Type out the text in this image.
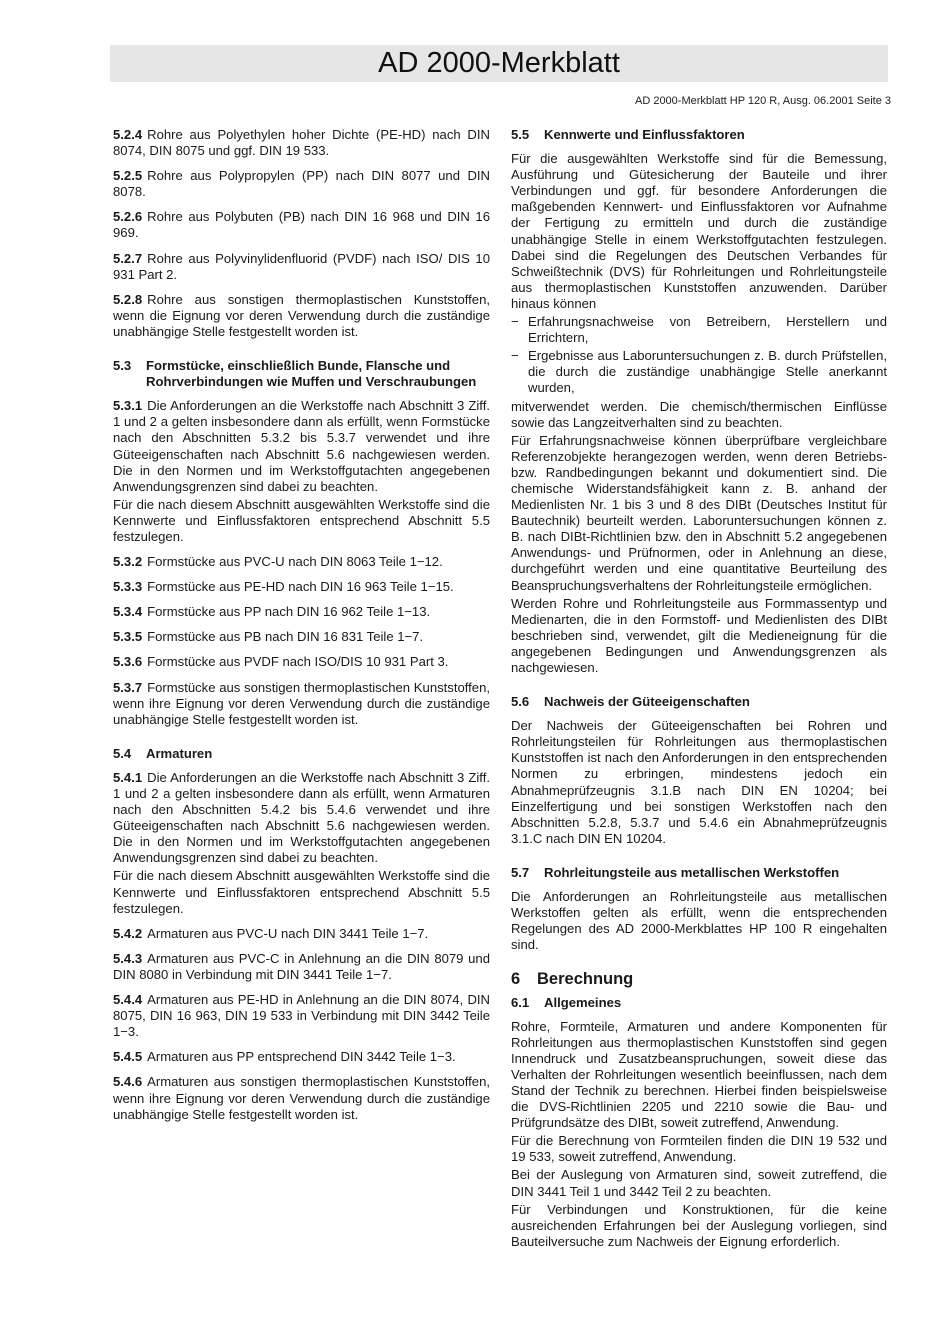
AD 2000-Merkblatt
AD 2000-Merkblatt HP 120 R, Ausg. 06.2001 Seite 3

5.2.4 Rohre aus Polyethylen hoher Dichte (PE-HD) nach DIN 8074, DIN 8075 und ggf. DIN 19 533.

5.2.5 Rohre aus Polypropylen (PP) nach DIN 8077 und DIN 8078.

5.2.6 Rohre aus Polybuten (PB) nach DIN 16 968 und DIN 16 969.

5.2.7 Rohre aus Polyvinylidenfluorid (PVDF) nach ISO/ DIS 10 931 Part 2.

5.2.8 Rohre aus sonstigen thermoplastischen Kunststoffen, wenn die Eignung vor deren Verwendung durch die zuständige unabhängige Stelle festgestellt worden ist.

5.3	Formstücke, einschließlich Bunde, Flansche und Rohrverbindungen wie Muffen und Verschraubungen

5.3.1 Die Anforderungen an die Werkstoffe nach Abschnitt 3 Ziff. 1 und 2 a gelten insbesondere dann als erfüllt, wenn Formstücke nach den Abschnitten 5.3.2 bis 5.3.7 verwendet und ihre Güteeigenschaften nach Abschnitt 5.6 nachgewiesen werden. Die in den Normen und im Werkstoffgutachten angegebenen Anwendungsgrenzen sind dabei zu beachten.

Für die nach diesem Abschnitt ausgewählten Werkstoffe sind die Kennwerte und Einflussfaktoren entsprechend Abschnitt 5.5 festzulegen.

5.3.2 Formstücke aus PVC-U nach DIN 8063 Teile 1−12.

5.3.3 Formstücke aus PE-HD nach DIN 16 963 Teile 1−15.

5.3.4 Formstücke aus PP nach DIN 16 962 Teile 1−13.

5.3.5 Formstücke aus PB nach DIN 16 831 Teile 1−7.

5.3.6 Formstücke aus PVDF nach ISO/DIS 10 931 Part 3.

5.3.7 Formstücke aus sonstigen thermoplastischen Kunststoffen, wenn ihre Eignung vor deren Verwendung durch die zuständige unabhängige Stelle festgestellt worden ist.

5.4	Armaturen

5.4.1 Die Anforderungen an die Werkstoffe nach Abschnitt 3 Ziff. 1 und 2 a gelten insbesondere dann als erfüllt, wenn Armaturen nach den Abschnitten 5.4.2 bis 5.4.6 verwendet und ihre Güteeigenschaften nach Abschnitt 5.6 nachgewiesen werden. Die in den Normen und im Werkstoffgutachten angegebenen Anwendungsgrenzen sind dabei zu beachten.

Für die nach diesem Abschnitt ausgewählten Werkstoffe sind die Kennwerte und Einflussfaktoren entsprechend Abschnitt 5.5 festzulegen.

5.4.2 Armaturen aus PVC-U nach DIN 3441 Teile 1−7.

5.4.3 Armaturen aus PVC-C in Anlehnung an die DIN 8079 und DIN 8080 in Verbindung mit DIN 3441 Teile 1−7.

5.4.4 Armaturen aus PE-HD in Anlehnung an die DIN 8074, DIN 8075, DIN 16 963, DIN 19 533 in Verbindung mit DIN 3442 Teile 1−3.

5.4.5 Armaturen aus PP entsprechend DIN 3442 Teile 1−3.

5.4.6 Armaturen aus sonstigen thermoplastischen Kunststoffen, wenn ihre Eignung vor deren Verwendung durch die zuständige unabhängige Stelle festgestellt worden ist.

5.5	Kennwerte und Einflussfaktoren

Für die ausgewählten Werkstoffe sind für die Bemessung, Ausführung und Gütesicherung der Bauteile und ihrer Verbindungen und ggf. für besondere Anforderungen die maßgebenden Kennwert- und Einflussfaktoren vor Aufnahme der Fertigung zu ermitteln und durch die zuständige unabhängige Stelle in einem Werkstoffgutachten festzulegen. Dabei sind die Regelungen des Deutschen Verbandes für Schweißtechnik (DVS) für Rohrleitungen und Rohrleitungsteile aus thermoplastischen Kunststoffen anzuwenden. Darüber hinaus können

− Erfahrungsnachweise von Betreibern, Herstellern und Errichtern,
− Ergebnisse aus Laboruntersuchungen z. B. durch Prüfstellen, die durch die zuständige unabhängige Stelle anerkannt wurden,

mitverwendet werden. Die chemisch/thermischen Einflüsse sowie das Langzeitverhalten sind zu beachten.

Für Erfahrungsnachweise können überprüfbare vergleichbare Referenzobjekte herangezogen werden, wenn deren Betriebs- bzw. Randbedingungen bekannt und dokumentiert sind. Die chemische Widerstandsfähigkeit kann z. B. anhand der Medienlisten Nr. 1 bis 3 und 8 des DIBt (Deutsches Institut für Bautechnik) beurteilt werden. Laboruntersuchungen können z. B. nach DIBt-Richtlinien bzw. den in Abschnitt 5.2 angegebenen Anwendungs- und Prüfnormen, oder in Anlehnung an diese, durchgeführt werden und eine quantitative Beurteilung des Beanspruchungsverhaltens der Rohrleitungsteile ermöglichen.

Werden Rohre und Rohrleitungsteile aus Formmassentyp und Medienarten, die in den Formstoff- und Medienlisten des DIBt beschrieben sind, verwendet, gilt die Medieneignung für die angegebenen Bedingungen und Anwendungsgrenzen als nachgewiesen.

5.6	Nachweis der Güteeigenschaften

Der Nachweis der Güteeigenschaften bei Rohren und Rohrleitungsteilen für Rohrleitungen aus thermoplastischen Kunststoffen ist nach den Anforderungen in den entsprechenden Normen zu erbringen, mindestens jedoch ein Abnahmeprüfzeugnis 3.1.B nach DIN EN 10204; bei Einzelfertigung und bei sonstigen Werkstoffen nach den Abschnitten 5.2.8, 5.3.7 und 5.4.6 ein Abnahmeprüfzeugnis 3.1.C nach DIN EN 10204.

5.7	Rohrleitungsteile aus metallischen Werkstoffen

Die Anforderungen an Rohrleitungsteile aus metallischen Werkstoffen gelten als erfüllt, wenn die entsprechenden Regelungen des AD 2000-Merkblattes HP 100 R eingehalten sind.

6	Berechnung
6.1	Allgemeines

Rohre, Formteile, Armaturen und andere Komponenten für Rohrleitungen aus thermoplastischen Kunststoffen sind gegen Innendruck und Zusatzbeanspruchungen, soweit diese das Verhalten der Rohrleitungen wesentlich beeinflussen, nach dem Stand der Technik zu berechnen. Hierbei finden beispielsweise die DVS-Richtlinien 2205 und 2210 sowie die Bau- und Prüfgrundsätze des DIBt, soweit zutreffend, Anwendung.

Für die Berechnung von Formteilen finden die DIN 19 532 und 19 533, soweit zutreffend, Anwendung.

Bei der Auslegung von Armaturen sind, soweit zutreffend, die DIN 3441 Teil 1 und 3442 Teil 2 zu beachten.

Für Verbindungen und Konstruktionen, für die keine ausreichenden Erfahrungen bei der Auslegung vorliegen, sind Bauteilversuche zum Nachweis der Eignung erforderlich.
